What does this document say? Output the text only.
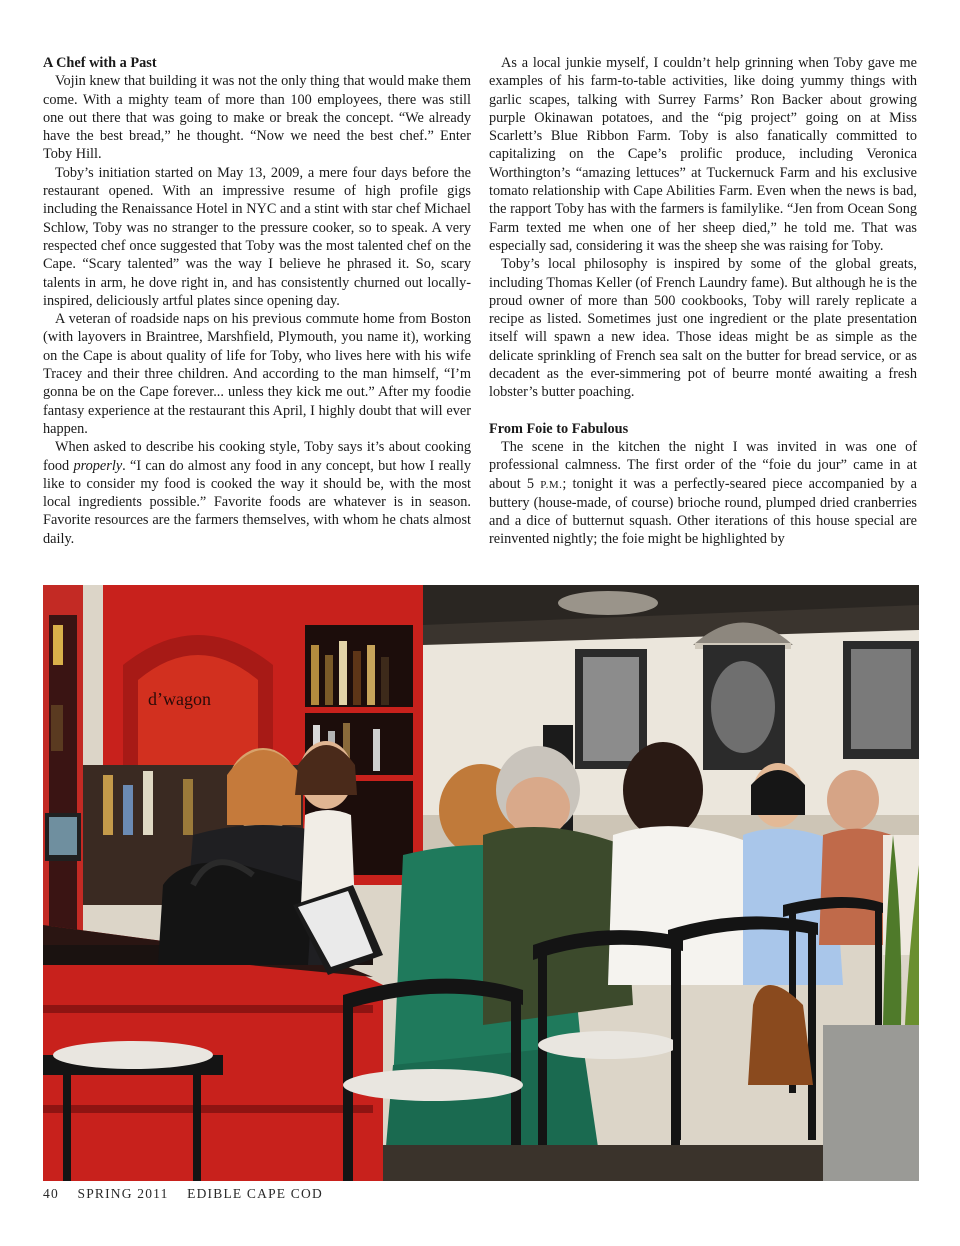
A Chef with a Past

Vojin knew that building it was not the only thing that would make them come. With a mighty team of more than 100 employees, there was still one out there that was going to make or break the concept. “We already have the best bread,” he thought. “Now we need the best chef.” Enter Toby Hill.

Toby’s initiation started on May 13, 2009, a mere four days before the restaurant opened. With an impressive resume of high profile gigs including the Renaissance Hotel in NYC and a stint with star chef Michael Schlow, Toby was no stranger to the pressure cooker, so to speak. A very respected chef once suggested that Toby was the most talented chef on the Cape. “Scary talented” was the way I believe he phrased it. So, scary talents in arm, he dove right in, and has consistently churned out locally-inspired, deliciously artful plates since opening day.

A veteran of roadside naps on his previous commute home from Boston (with layovers in Braintree, Marshfield, Plymouth, you name it), working on the Cape is about quality of life for Toby, who lives here with his wife Tracey and their three children. And according to the man himself, “I’m gonna be on the Cape forever... unless they kick me out.” After my foodie fantasy experience at the restaurant this April, I highly doubt that will ever happen.

When asked to describe his cooking style, Toby says it’s about cooking food properly. “I can do almost any food in any concept, but how I really like to consider my food is cooked the way it should be, with the most local ingredients possible.” Favorite foods are whatever is in season. Favorite resources are the farmers themselves, with whom he chats almost daily.

As a local junkie myself, I couldn’t help grinning when Toby gave me examples of his farm-to-table activities, like doing yummy things with garlic scapes, talking with Surrey Farms’ Ron Backer about growing purple Okinawan potatoes, and the “pig project” going on at Miss Scarlett’s Blue Ribbon Farm. Toby is also fanatically committed to capitalizing on the Cape’s prolific produce, including Veronica Worthington’s “amazing lettuces” at Tuckernuck Farm and his exclusive tomato relationship with Cape Abilities Farm. Even when the news is bad, the rapport Toby has with the farmers is familylike. “Jen from Ocean Song Farm texted me when one of her sheep died,” he told me. That was especially sad, considering it was the sheep she was raising for Toby.

Toby’s local philosophy is inspired by some of the global greats, including Thomas Keller (of French Laundry fame). But although he is the proud owner of more than 500 cookbooks, Toby will rarely replicate a recipe as listed. Sometimes just one ingredient or the plate presentation itself will spawn a new idea. Those ideas might be as simple as the delicate sprinkling of French sea salt on the butter for bread service, or as decadent as the ever-simmering pot of beurre monté awaiting a fresh lobster’s butter poaching.

From Foie to Fabulous

The scene in the kitchen the night I was invited in was one of professional calmness. The first order of the “foie du jour” came in at about 5 P.M.; tonight it was a perfectly-seared piece accompanied by a buttery (house-made, of course) brioche round, plumped dried cranberries and a dice of butternut squash. Other iterations of this house special are reinvented nightly; the foie might be highlighted by

d’wagon
40 SPRING 2011 EDIBLE CAPE COD
